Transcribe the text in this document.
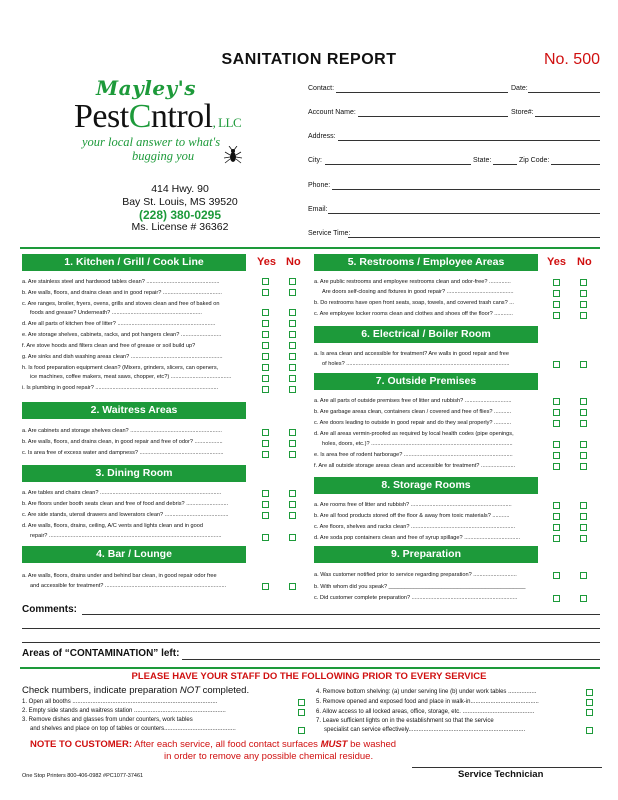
SANITATION REPORT	No. 500
Mayley's
PestCntrol, LLC
your local answer to what's
bugging you
414 Hwy. 90
Bay St. Louis, MS 39520
(228) 380-0295
Ms. License # 36362
Contact:	Date:
Account Name:	Store#:
Address:
City:	State:	Zip Code:
Phone:
Email:
Service Time:
1. Kitchen / Grill / Cook Line	Yes No
a. Are stainless steel and hardwood tables clean? ...............................................
b. Are walls, floors, and drains clean and in good repair? ......................................
c. Are ranges, broiler, fryers, ovens, grills and stoves clean and free of baked on
foods and grease? Underneath? ..........................................................
d. Are all parts of kitchen free of litter? ...............................................................
e. Are storage shelves, cabinets, racks, and pot hangers clean? ..........................
f. Are stove hoods and filters clean and free of grease or soil build up?
g. Are sinks and dish washing areas clean? ...........................................................
h. Is food preparation equipment clean? (Mixers, grinders, slicers, can openers,
ice machines, coffee makers, meat saws, chopper, etc?) .......................................
i. Is plumbing in good repair? ...............................................................................
2. Waitress Areas
a. Are cabinets and storage shelves clean? ...........................................................
b. Are walls, floors, and drains clean, in good repair and free of odor? ..................
c. Is area free of excess water and dampness? ......................................................
3. Dining Room
a. Are tables and chairs clean? ..............................................................................
b. Are floors under booth seats clean and free of food and debris? ...........................
c. Are side stands, utensil drawers and lowerators clean? .........................................
d. Are walls, floors, drains, ceiling, A/C vents and lights clean and in good
repair? ...............................................................................................................
4. Bar / Lounge
a. Are walls, floors, drains under and behind bar clean, in good repair odor free
and accessible for treatment? ..............................................................................
5. Restrooms / Employee Areas	Yes No
a. Are public restrooms and employee restrooms clean and odor-free? ..............
Are doors self-closing and fixtures in good repair? ...........................................
b. Do restrooms have open front seats, soap, towels, and covered trash cans? ...
c. Are employee locker rooms clean and clothes and shoes off the floor? ............
6. Electrical / Boiler Room
a. Is area clean and accessible for treatment? Are walls in good repair and free
of holes? .........................................................................................................
7. Outside Premises
a. Are all parts of outside premises free of litter and rubbish? ..............................
b. Are garbage areas clean, containers clean / covered and free of flies? ...........
c. Are doors leading to outside in good repair and do they seal properly? ...........
d. Are all areas vermin-proofed as required by local health codes (pipe openings,
holes, doors, etc.)? ...........................................................................................
e. Is area free of rodent harborage? ......................................................................
f. Are all outside storage areas clean and accessible for treatment? ......................
8. Storage Rooms
a. Are rooms free of litter and rubbish? .................................................................
b. Are all food products stored off the floor & away from toxic materials? ...........
c. Are floors, shelves and racks clean? ...................................................................
d. Are soda pop containers clean and free of syrup spillage? ....................................
9. Preparation
a. Was customer notified prior to service regarding preparation? ............................
b. With whom did you speak? ____________________________________________
c. Did customer complete preparation? ....................................................................
Comments:
Areas of “CONTAMINATION” left:
PLEASE HAVE YOUR STAFF DO THE FOLLOWING PRIOR TO EVERY SERVICE
Check numbers, indicate preparation NOT completed.
1. Open all booths .......................................................................................
2. Empty side stands and waitress station .......................................................
3. Remove dishes and glasses from under counters, work tables
and shelves and place on top of tables or counters...........................................
4. Remove bottom shelving: (a) under serving line (b) under work tables .................
5. Remove opened and exposed food and place in walk-in.........................................
6. Allow access to all locked areas, office, storage, etc. ...........................................
7. Leave sufficient lights on in the establishment so that the service
specialist can service effectively......................................................................
NOTE TO CUSTOMER: After each service, all food contact surfaces MUST be washed
in order to remove any possible chemical residue.
One Stop Printers 800-406-0982 #PC1077-37461	Service Technician
